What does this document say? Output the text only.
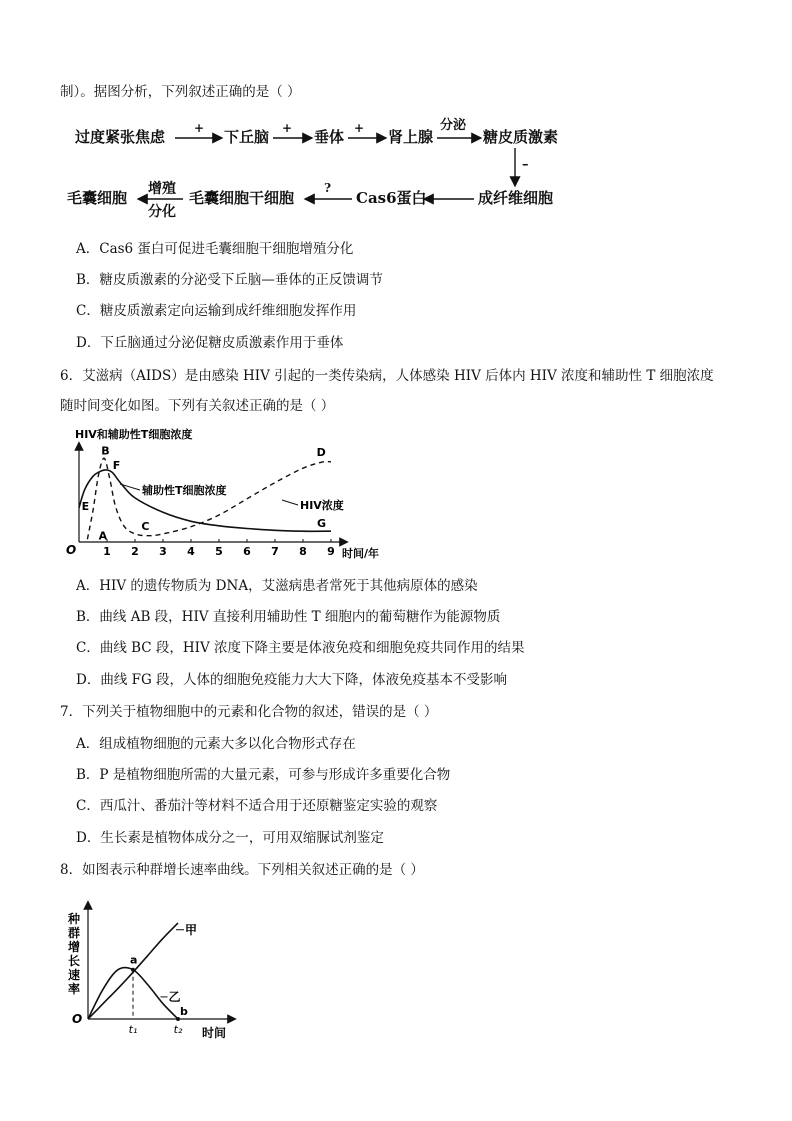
制）。据图分析，下列叙述正确的是（ ）
过度紧张焦虑	下丘脑	垂体	肾上腺	糖皮质激素
成纤维细胞
Cas6蛋白
毛囊细胞干细胞
毛囊细胞
+	+	+	分泌
–
?
增殖
分化
A．Cas6 蛋白可促进毛囊细胞干细胞增殖分化
B．糖皮质激素的分泌受下丘脑—垂体的正反馈调节
C．糖皮质激素定向运输到成纤维细胞发挥作用
D．下丘脑通过分泌促糖皮质激素作用于垂体
6．艾滋病（AIDS）是由感染 HIV 引起的一类传染病，人体感染 HIV 后体内 HIV 浓度和辅助性 T 细胞浓度
随时间变化如图。下列有关叙述正确的是（ ）
HIV和辅助性T细胞浓度
O	时间/年
1 2 3 4 5 6 7 8 9
A
B
F
E
C
D
G
辅助性T细胞浓度
HIV浓度
A．HIV 的遗传物质为 DNA，艾滋病患者常死于其他病原体的感染
B．曲线 AB 段，HIV 直接利用辅助性 T 细胞内的葡萄糖作为能源物质
C．曲线 BC 段，HIV 浓度下降主要是体液免疫和细胞免疫共同作用的结果
D．曲线 FG 段，人体的细胞免疫能力大大下降，体液免疫基本不受影响
7．下列关于植物细胞中的元素和化合物的叙述，错误的是（ ）
A．组成植物细胞的元素大多以化合物形式存在
B．P 是植物细胞所需的大量元素，可参与形成许多重要化合物
C．西瓜汁、番茄汁等材料不适合用于还原糖鉴定实验的观察
D．生长素是植物体成分之一，可用双缩脲试剂鉴定
8．如图表示种群增长速率曲线。下列相关叙述正确的是（ ）
种
群
增
长
速
率
O
时间
t₁	t₂
a
b
甲
乙
